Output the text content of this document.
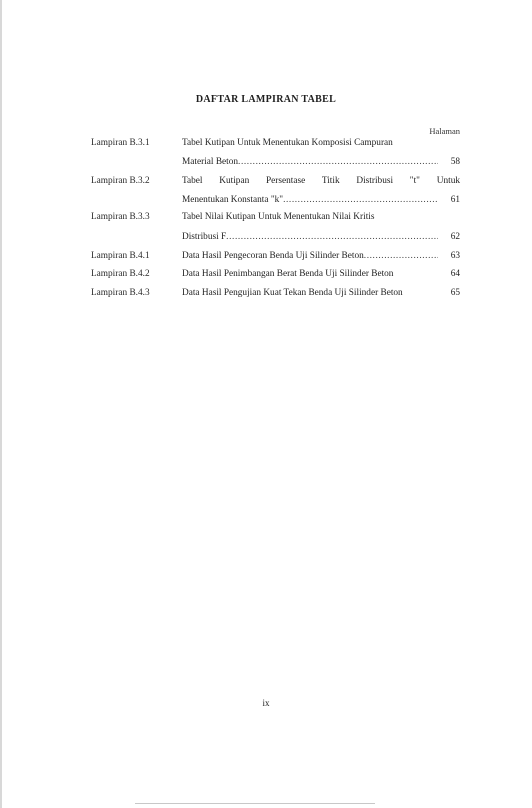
DAFTAR LAMPIRAN TABEL
Halaman
Lampiran B.3.1	Tabel Kutipan Untuk Menentukan Komposisi Campuran
Material Beton .....	58
Lampiran B.3.2	Tabel Kutipan Persentase Titik Distribusi "t" Untuk
Menentukan Konstanta "k" .....	61
Lampiran B.3.3	Tabel Nilai Kutipan Untuk Menentukan Nilai Kritis
Distribusi F .....	62
Lampiran B.4.1	Data Hasil Pengecoran Benda Uji Silinder Beton .....	63
Lampiran B.4.2	Data Hasil Penimbangan Berat Benda Uji Silinder Beton	64
Lampiran B.4.3	Data Hasil Pengujian Kuat Tekan Benda Uji Silinder Beton	65
ix
